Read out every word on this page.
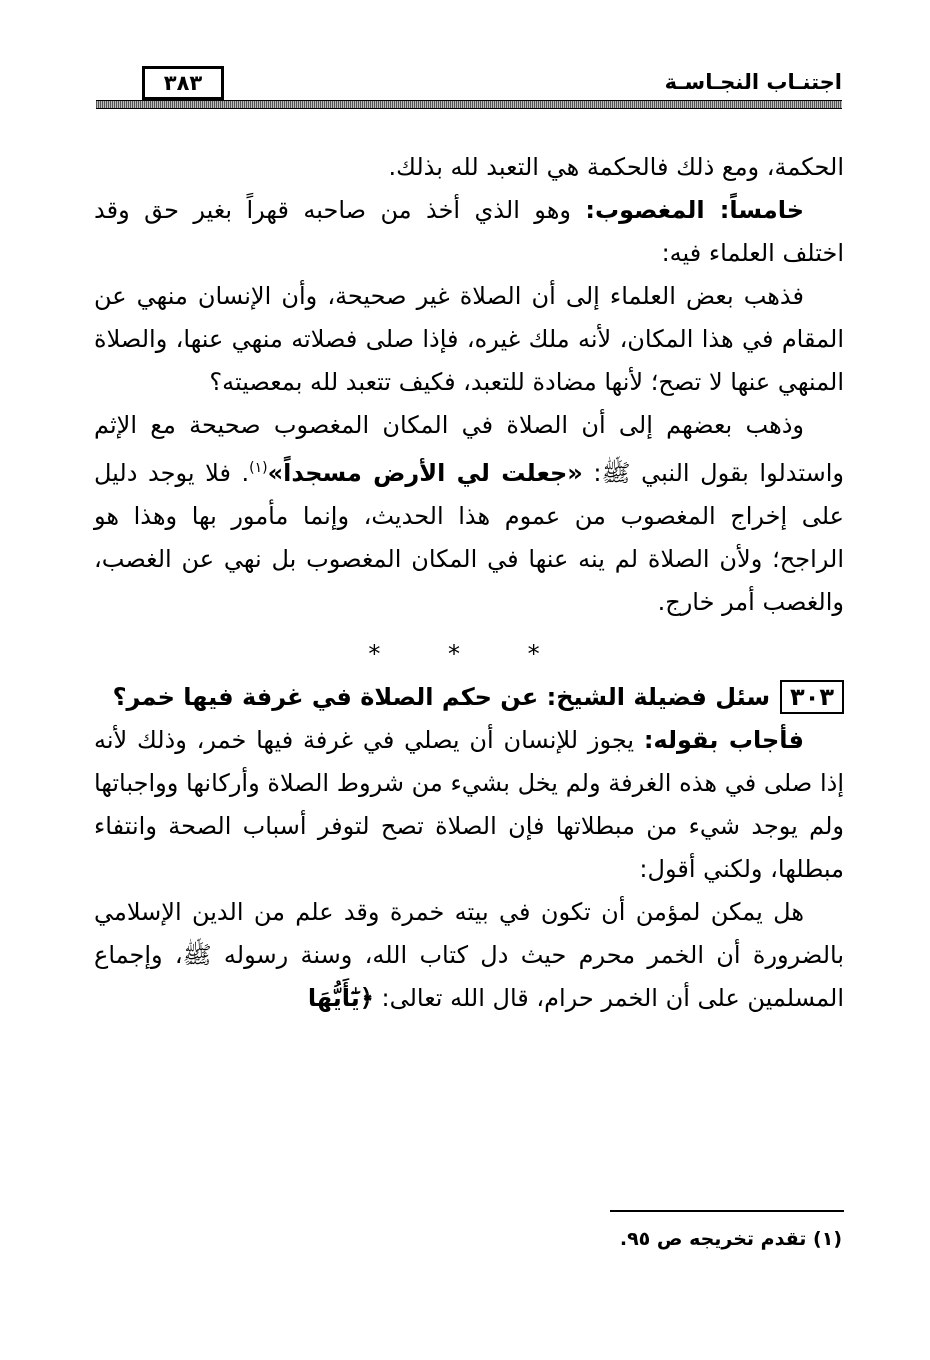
اجتنـاب النجـاسـة
٣٨٣

الحكمة، ومع ذلك فالحكمة هي التعبد لله بذلك.

خامساً: المغصوب: وهو الذي أخذ من صاحبه قهراً بغير حق وقد اختلف العلماء فيه:

فذهب بعض العلماء إلى أن الصلاة غير صحيحة، وأن الإنسان منهي عن المقام في هذا المكان، لأنه ملك غيره، فإذا صلى فصلاته منهي عنها، والصلاة المنهي عنها لا تصح؛ لأنها مضادة للتعبد، فكيف تتعبد لله بمعصيته؟

وذهب بعضهم إلى أن الصلاة في المكان المغصوب صحيحة مع الإثم واستدلوا بقول النبي ﷺ: «جعلت لي الأرض مسجداً»$^{(١)}$. فلا يوجد دليل على إخراج المغصوب من عموم هذا الحديث، وإنما مأمور بها وهذا هو الراجح؛ ولأن الصلاة لم ينه عنها في المكان المغصوب بل نهي عن الغصب، والغصب أمر خارج.

* * *

٣٠٣سئل فضيلة الشيخ: عن حكم الصلاة في غرفة فيها خمر؟

فأجاب بقوله: يجوز للإنسان أن يصلي في غرفة فيها خمر، وذلك لأنه إذا صلى في هذه الغرفة ولم يخل بشيء من شروط الصلاة وأركانها وواجباتها ولم يوجد شيء من مبطلاتها فإن الصلاة تصح لتوفر أسباب الصحة وانتفاء مبطلها، ولكني أقول:

هل يمكن لمؤمن أن تكون في بيته خمرة وقد علم من الدين الإسلامي بالضرورة أن الخمر محرم حيث دل كتاب الله، وسنة رسوله ﷺ، وإجماع المسلمين على أن الخمر حرام، قال الله تعالى: ﴿يَٰٓأَيُّهَا

(١) تقدم تخريجه ص ٩٥.
